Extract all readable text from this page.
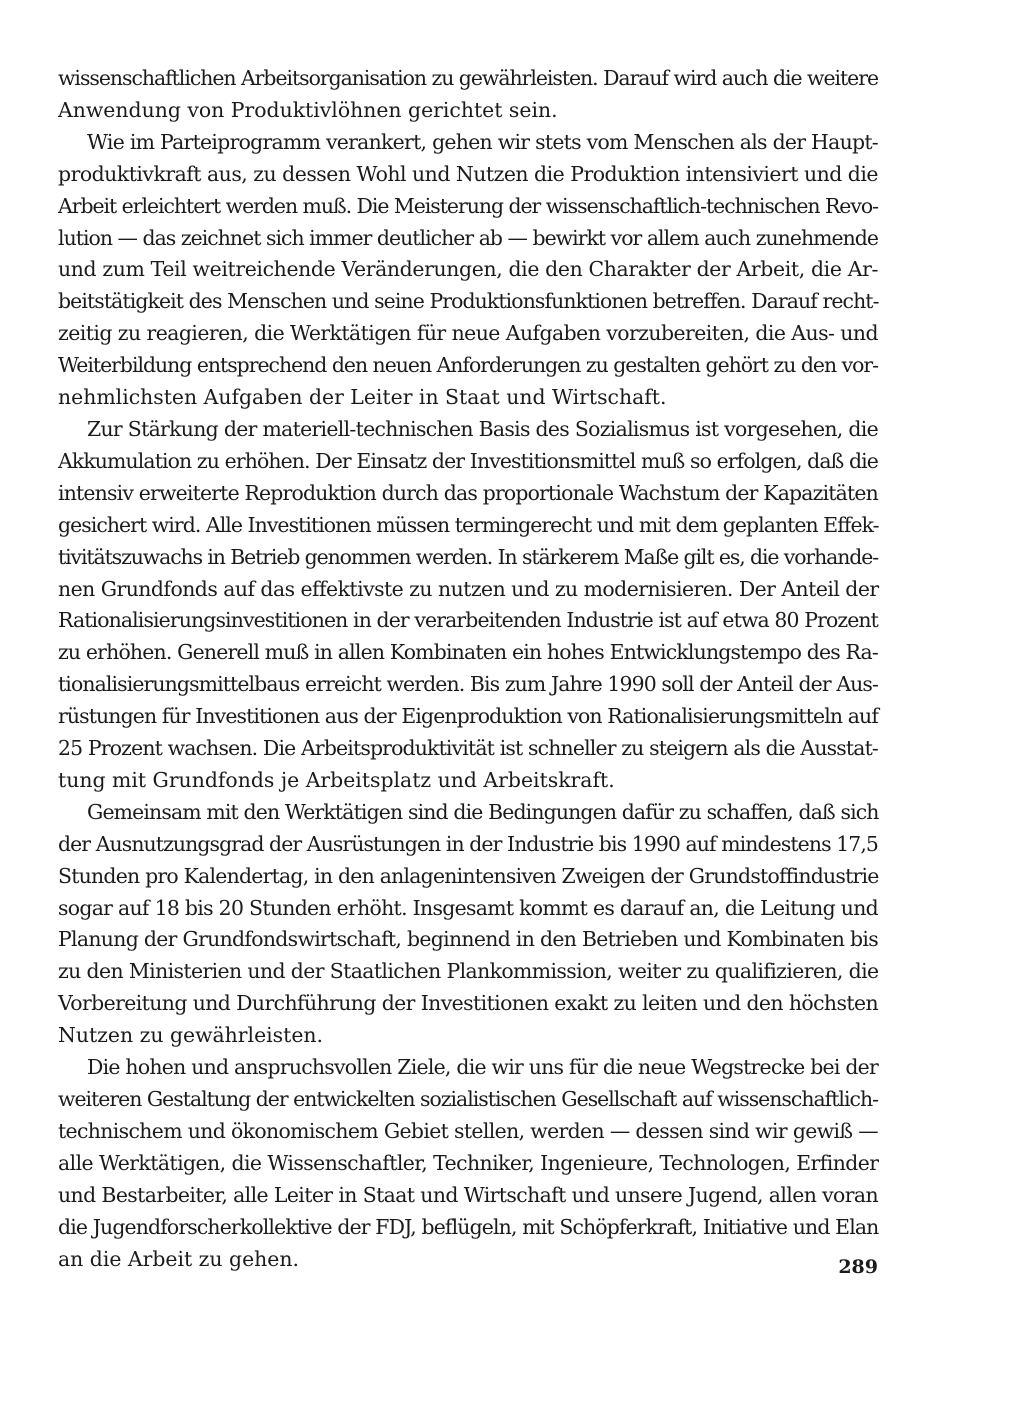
wissenschaftlichen Arbeitsorganisation zu gewährleisten. Darauf wird auch die weitere
Anwendung von Produktivlöhnen gerichtet sein.

Wie im Parteiprogramm verankert, gehen wir stets vom Menschen als der Haupt-
produktivkraft aus, zu dessen Wohl und Nutzen die Produktion intensiviert und die
Arbeit erleichtert werden muß. Die Meisterung der wissenschaftlich-technischen Revo-
lution — das zeichnet sich immer deutlicher ab — bewirkt vor allem auch zunehmende
und zum Teil weitreichende Veränderungen, die den Charakter der Arbeit, die Ar-
beitstätigkeit des Menschen und seine Produktionsfunktionen betreffen. Darauf recht-
zeitig zu reagieren, die Werktätigen für neue Aufgaben vorzubereiten, die Aus- und
Weiterbildung entsprechend den neuen Anforderungen zu gestalten gehört zu den vor-
nehmlichsten Aufgaben der Leiter in Staat und Wirtschaft.

Zur Stärkung der materiell-technischen Basis des Sozialismus ist vorgesehen, die
Akkumulation zu erhöhen. Der Einsatz der Investitionsmittel muß so erfolgen, daß die
intensiv erweiterte Reproduktion durch das proportionale Wachstum der Kapazitäten
gesichert wird. Alle Investitionen müssen termingerecht und mit dem geplanten Effek-
tivitätszuwachs in Betrieb genommen werden. In stärkerem Maße gilt es, die vorhande-
nen Grundfonds auf das effektivste zu nutzen und zu modernisieren. Der Anteil der
Rationalisierungsinvestitionen in der verarbeitenden Industrie ist auf etwa 80 Prozent
zu erhöhen. Generell muß in allen Kombinaten ein hohes Entwicklungstempo des Ra-
tionalisierungsmittelbaus erreicht werden. Bis zum Jahre 1990 soll der Anteil der Aus-
rüstungen für Investitionen aus der Eigenproduktion von Rationalisierungsmitteln auf
25 Prozent wachsen. Die Arbeitsproduktivität ist schneller zu steigern als die Ausstat-
tung mit Grundfonds je Arbeitsplatz und Arbeitskraft.

Gemeinsam mit den Werktätigen sind die Bedingungen dafür zu schaffen, daß sich
der Ausnutzungsgrad der Ausrüstungen in der Industrie bis 1990 auf mindestens 17,5
Stunden pro Kalendertag, in den anlagenintensiven Zweigen der Grundstoffindustrie
sogar auf 18 bis 20 Stunden erhöht. Insgesamt kommt es darauf an, die Leitung und
Planung der Grundfondswirtschaft, beginnend in den Betrieben und Kombinaten bis
zu den Ministerien und der Staatlichen Plankommission, weiter zu qualifizieren, die
Vorbereitung und Durchführung der Investitionen exakt zu leiten und den höchsten
Nutzen zu gewährleisten.

Die hohen und anspruchsvollen Ziele, die wir uns für die neue Wegstrecke bei der
weiteren Gestaltung der entwickelten sozialistischen Gesellschaft auf wissenschaftlich-
technischem und ökonomischem Gebiet stellen, werden — dessen sind wir gewiß —
alle Werktätigen, die Wissenschaftler, Techniker, Ingenieure, Technologen, Erfinder
und Bestarbeiter, alle Leiter in Staat und Wirtschaft und unsere Jugend, allen voran
die Jugendforscherkollektive der FDJ, beflügeln, mit Schöpferkraft, Initiative und Elan
an die Arbeit zu gehen.	289
